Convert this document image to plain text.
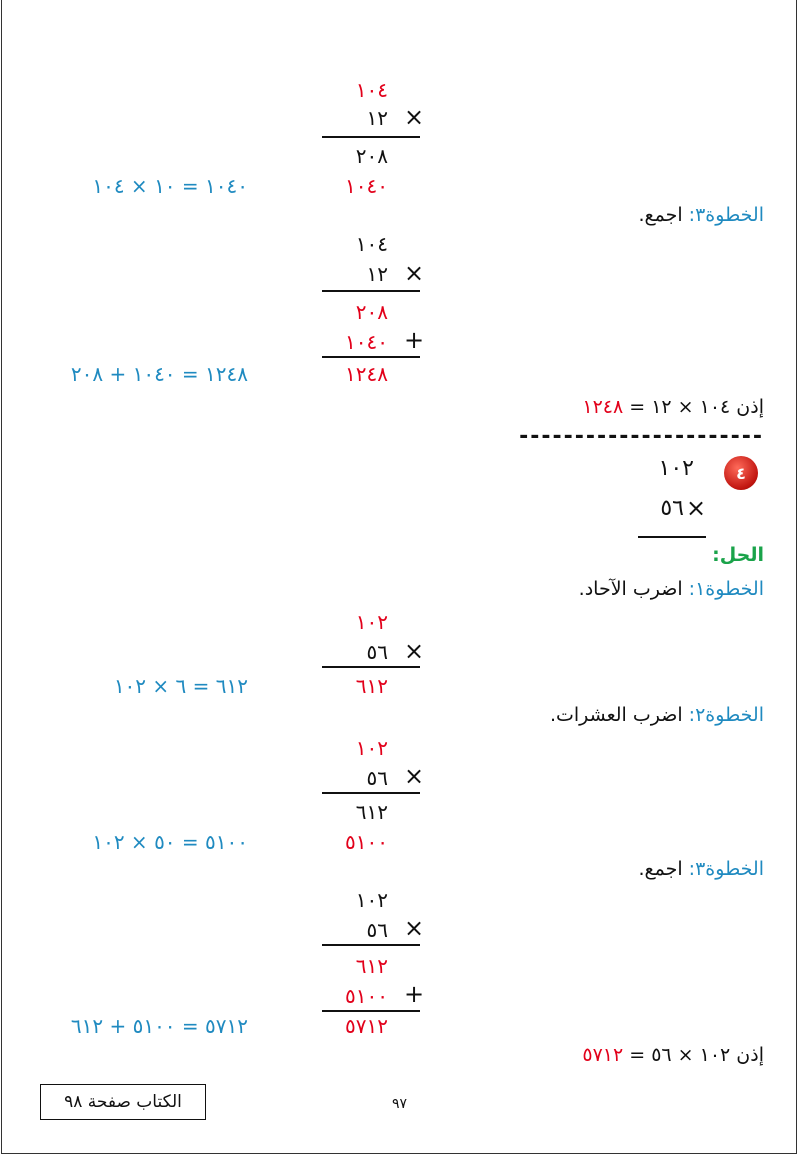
١٠٤
×
١٢
٢٠٨
١٠٤٠
١٠٤٠ = ١٠ × ١٠٤
الخطوة٣: اجمع.
١٠٤
×
١٢
٢٠٨
+
١٠٤٠
١٢٤٨
١٢٤٨ = ١٠٤٠ + ٢٠٨
إذن ١٠٤ × ١٢ = ١٢٤٨
----------------------
٤
١٠٢
×
٥٦
الحل:
الخطوة١: اضرب الآحاد.
١٠٢
×
٥٦
٦١٢
٦١٢ = ٦ × ١٠٢
الخطوة٢: اضرب العشرات.
١٠٢
×
٥٦
٦١٢
٥١٠٠
٥١٠٠ = ٥٠ × ١٠٢
الخطوة٣: اجمع.
١٠٢
×
٥٦
٦١٢
+
٥١٠٠
٥٧١٢
٥٧١٢ = ٥١٠٠ + ٦١٢
إذن ١٠٢ × ٥٦ = ٥٧١٢
الكتاب صفحة ٩٨	٩٧
